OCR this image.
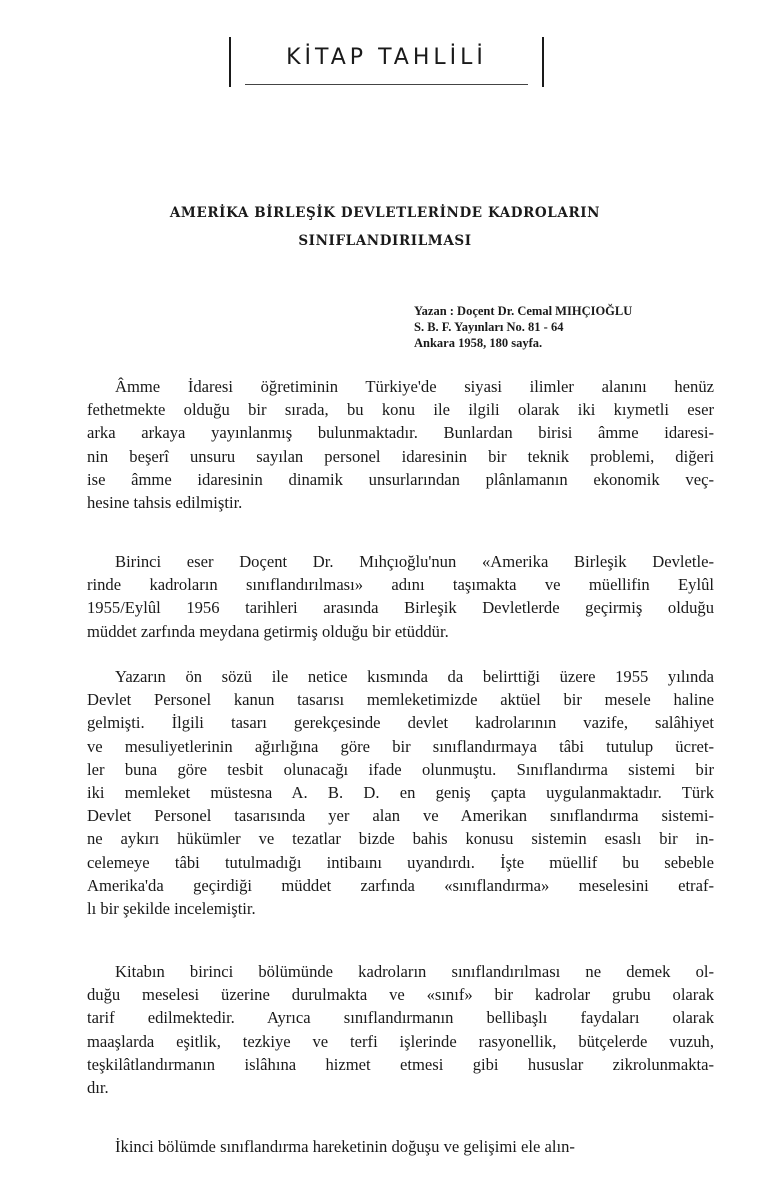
KİTAP TAHLİLİ
AMERİKA BİRLEŞİK DEVLETLERİNDE KADROLARIN
SINIFLANDIRILMASI
Yazan : Doçent Dr. Cemal MIHÇIOĞLU
S. B. F. Yayınları No. 81 - 64
Ankara 1958, 180 sayfa.
Âmme İdaresi öğretiminin Türkiye'de siyasi ilimler alanını henüz
fethetmekte olduğu bir sırada, bu konu ile ilgili olarak iki kıymetli eser
arka arkaya yayınlanmış bulunmaktadır. Bunlardan birisi âmme idaresi-
nin beşerî unsuru sayılan personel idaresinin bir teknik problemi, diğeri
ise âmme idaresinin dinamik unsurlarından plânlamanın ekonomik veç-
hesine tahsis edilmiştir.
Birinci eser Doçent Dr. Mıhçıoğlu'nun «Amerika Birleşik Devletle-
rinde kadroların sınıflandırılması» adını taşımakta ve müellifin Eylûl
1955/Eylûl 1956 tarihleri arasında Birleşik Devletlerde geçirmiş olduğu
müddet zarfında meydana getirmiş olduğu bir etüddür.
Yazarın ön sözü ile netice kısmında da belirttiği üzere 1955 yılında
Devlet Personel kanun tasarısı memleketimizde aktüel bir mesele haline
gelmişti. İlgili tasarı gerekçesinde devlet kadrolarının vazife, salâhiyet
ve mesuliyetlerinin ağırlığına göre bir sınıflandırmaya tâbi tutulup ücret-
ler buna göre tesbit olunacağı ifade olunmuştu. Sınıflandırma sistemi bir
iki memleket müstesna A. B. D. en geniş çapta uygulanmaktadır. Türk
Devlet Personel tasarısında yer alan ve Amerikan sınıflandırma sistemi-
ne aykırı hükümler ve tezatlar bizde bahis konusu sistemin esaslı bir in-
celemeye tâbi tutulmadığı intibaını uyandırdı. İşte müellif bu sebeble
Amerika'da geçirdiği müddet zarfında «sınıflandırma» meselesini etraf-
lı bir şekilde incelemiştir.
Kitabın birinci bölümünde kadroların sınıflandırılması ne demek ol-
duğu meselesi üzerine durulmakta ve «sınıf» bir kadrolar grubu olarak
tarif edilmektedir. Ayrıca sınıflandırmanın bellibaşlı faydaları olarak
maaşlarda eşitlik, tezkiye ve terfi işlerinde rasyonellik, bütçelerde vuzuh,
teşkilâtlandırmanın islâhına hizmet etmesi gibi hususlar zikrolunmakta-
dır.
İkinci bölümde sınıflandırma hareketinin doğuşu ve gelişimi ele alın-
